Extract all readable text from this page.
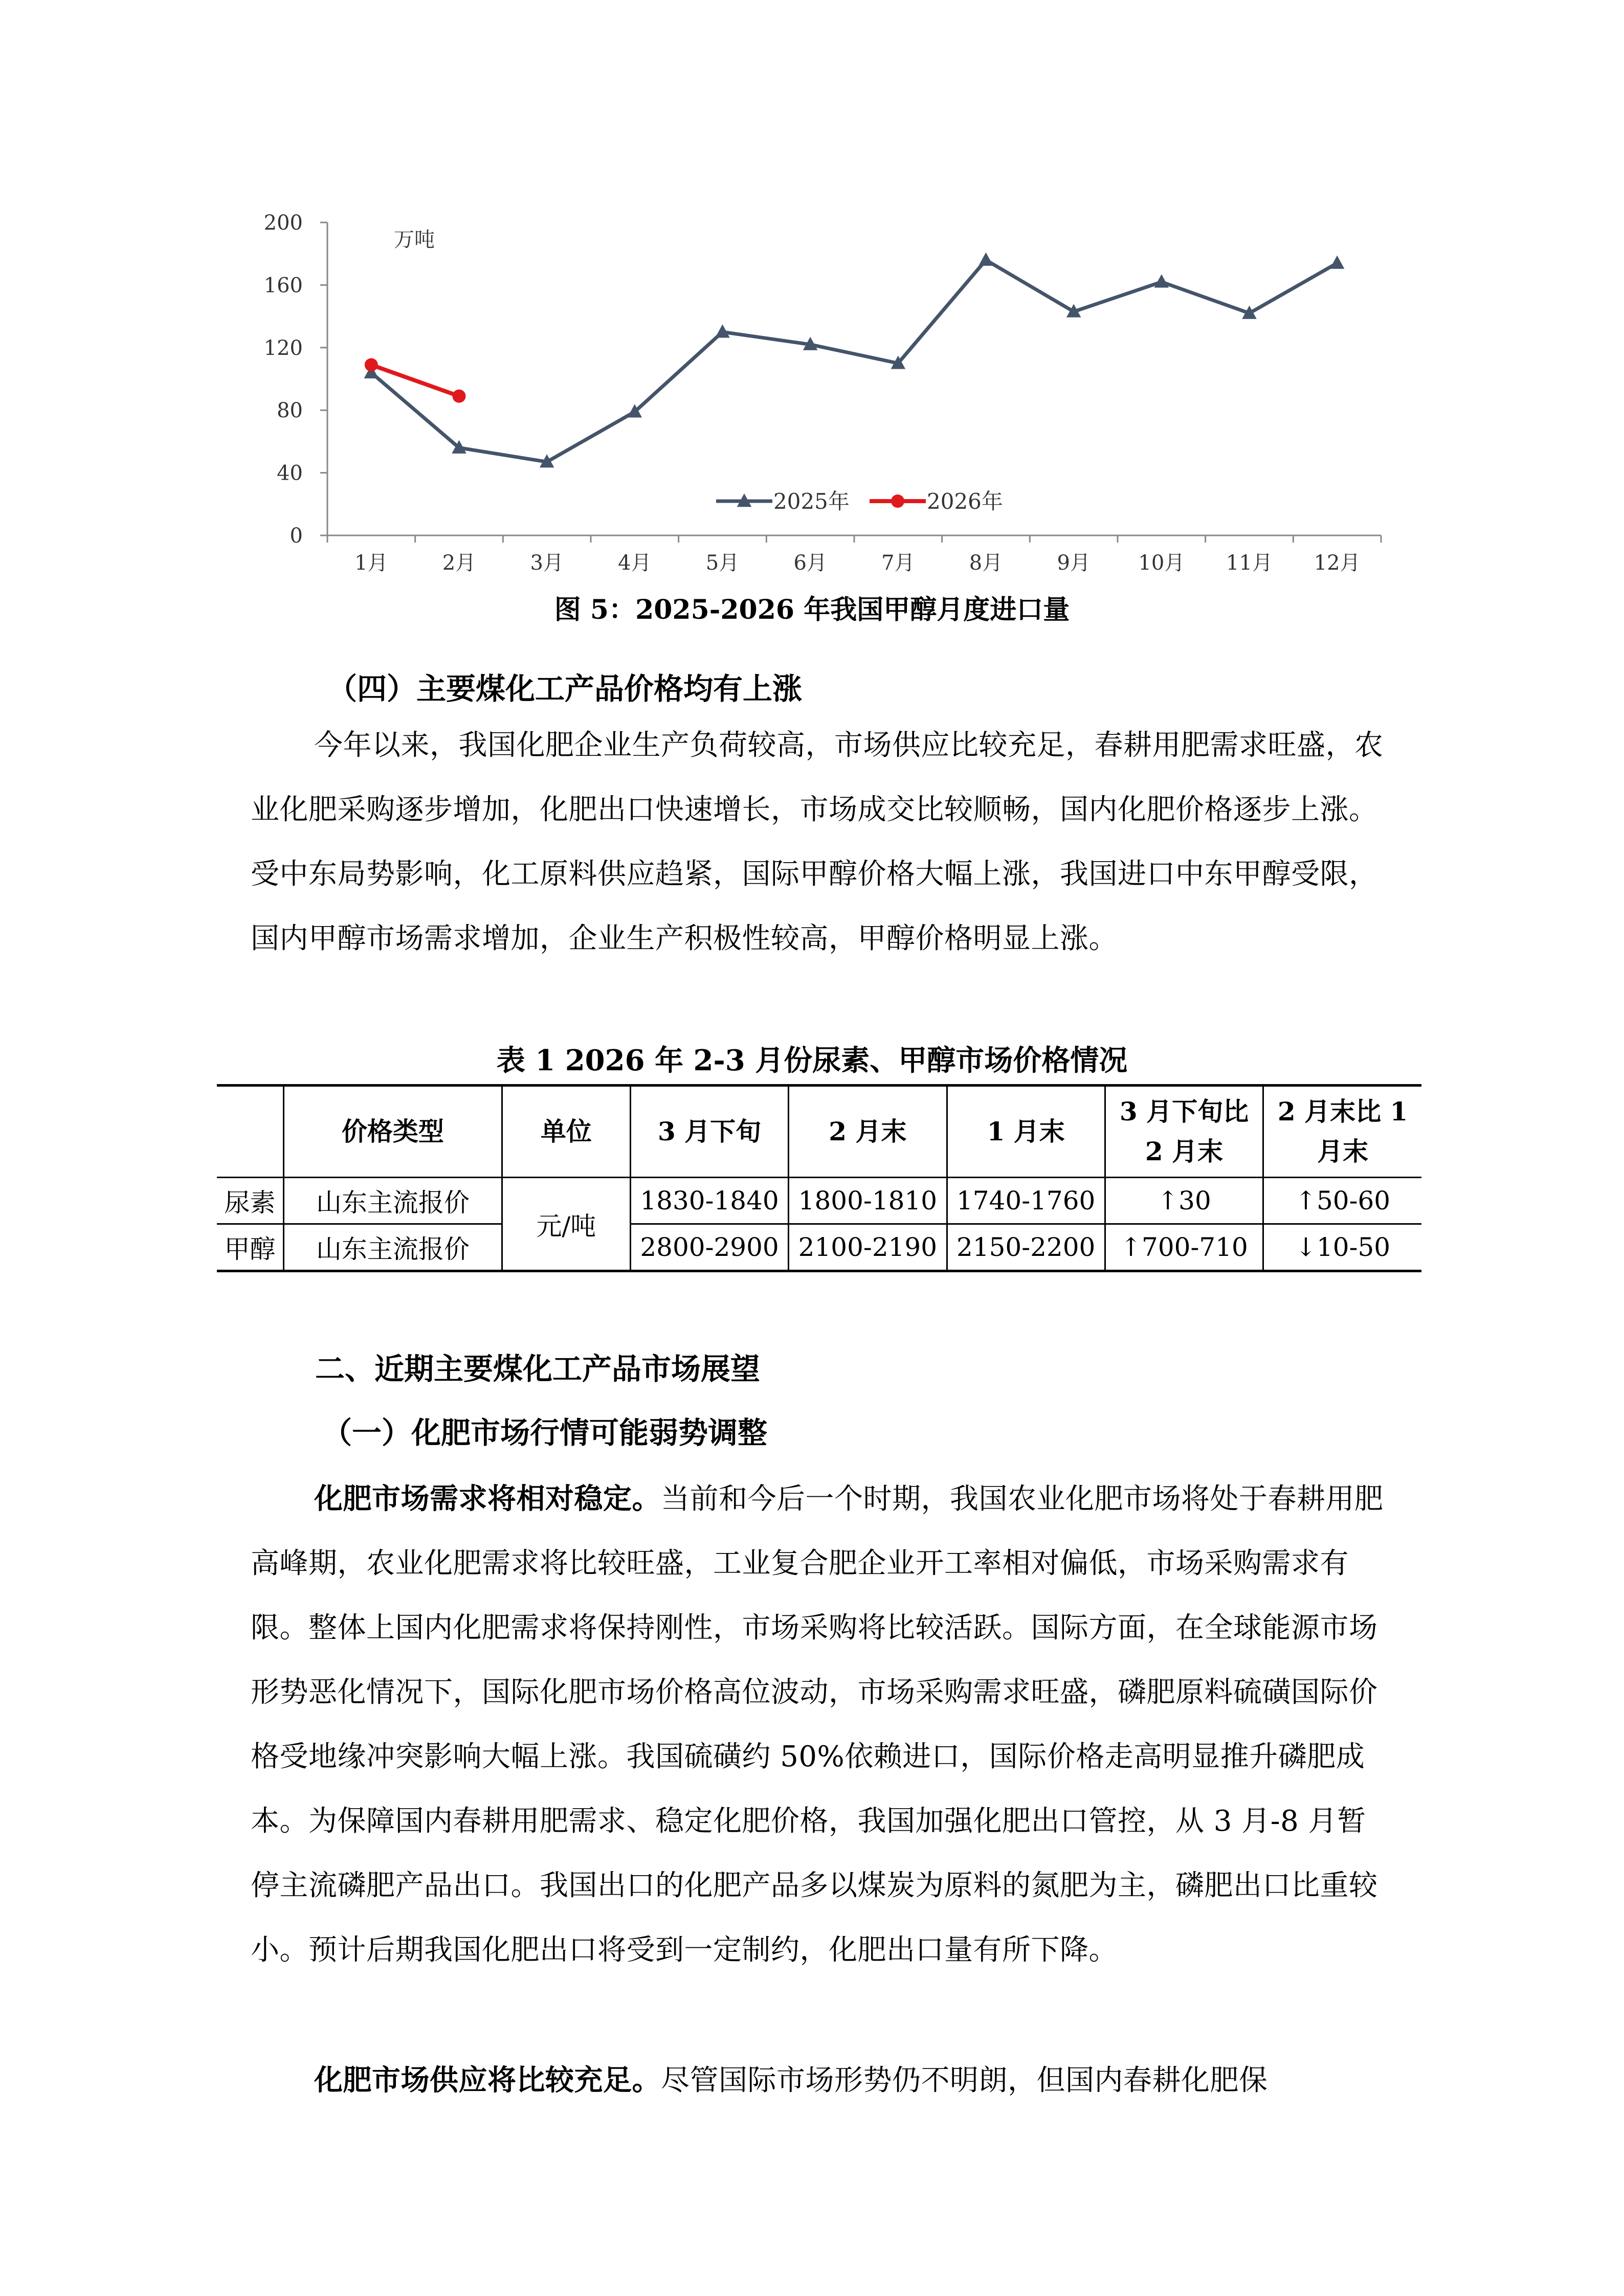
0
40
80
120
160
200
1月	2月	3月	4月	5月	6月	7月	8月	9月 10月 11月 12月
万吨
2025年	2026年
图 5：2025-2026 年我国甲醇月度进口量
（四）主要煤化工产品价格均有上涨

今年以来，我国化肥企业生产负荷较高，市场供应比较充足，春耕用肥需求旺盛，农业化肥采购逐步增加，化肥出口快速增长，市场成交比较顺畅，国内化肥价格逐步上涨。受中东局势影响，化工原料供应趋紧，国际甲醇价格大幅上涨，我国进口中东甲醇受限，国内甲醇市场需求增加，企业生产积极性较高，甲醇价格明显上涨。

表 1 2026 年 2-3 月份尿素、甲醇市场价格情况
	价格类型	单位	3 月下旬	2 月末	1 月末	3 月下旬比 2 月末	2 月末比 1 月末
尿素	山东主流报价	元/吨	1830-1840	1800-1810	1740-1760	↑30	↑50-60
甲醇	山东主流报价		2800-2900	2100-2190	2150-2200	↑700-710	↓10-50
二、近期主要煤化工产品市场展望
（一）化肥市场行情可能弱势调整

化肥市场需求将相对稳定。当前和今后一个时期，我国农业化肥市场将处于春耕用肥高峰期，农业化肥需求将比较旺盛，工业复合肥企业开工率相对偏低，市场采购需求有限。整体上国内化肥需求将保持刚性，市场采购将比较活跃。国际方面，在全球能源市场形势恶化情况下，国际化肥市场价格高位波动，市场采购需求旺盛，磷肥原料硫磺国际价格受地缘冲突影响大幅上涨。我国硫磺约 50%依赖进口，国际价格走高明显推升磷肥成本。为保障国内春耕用肥需求、稳定化肥价格，我国加强化肥出口管控，从 3 月-8 月暂停主流磷肥产品出口。我国出口的化肥产品多以煤炭为原料的氮肥为主，磷肥出口比重较小。预计后期我国化肥出口将受到一定制约，化肥出口量有所下降。

化肥市场供应将比较充足。尽管国际市场形势仍不明朗，但国内春耕化肥保
